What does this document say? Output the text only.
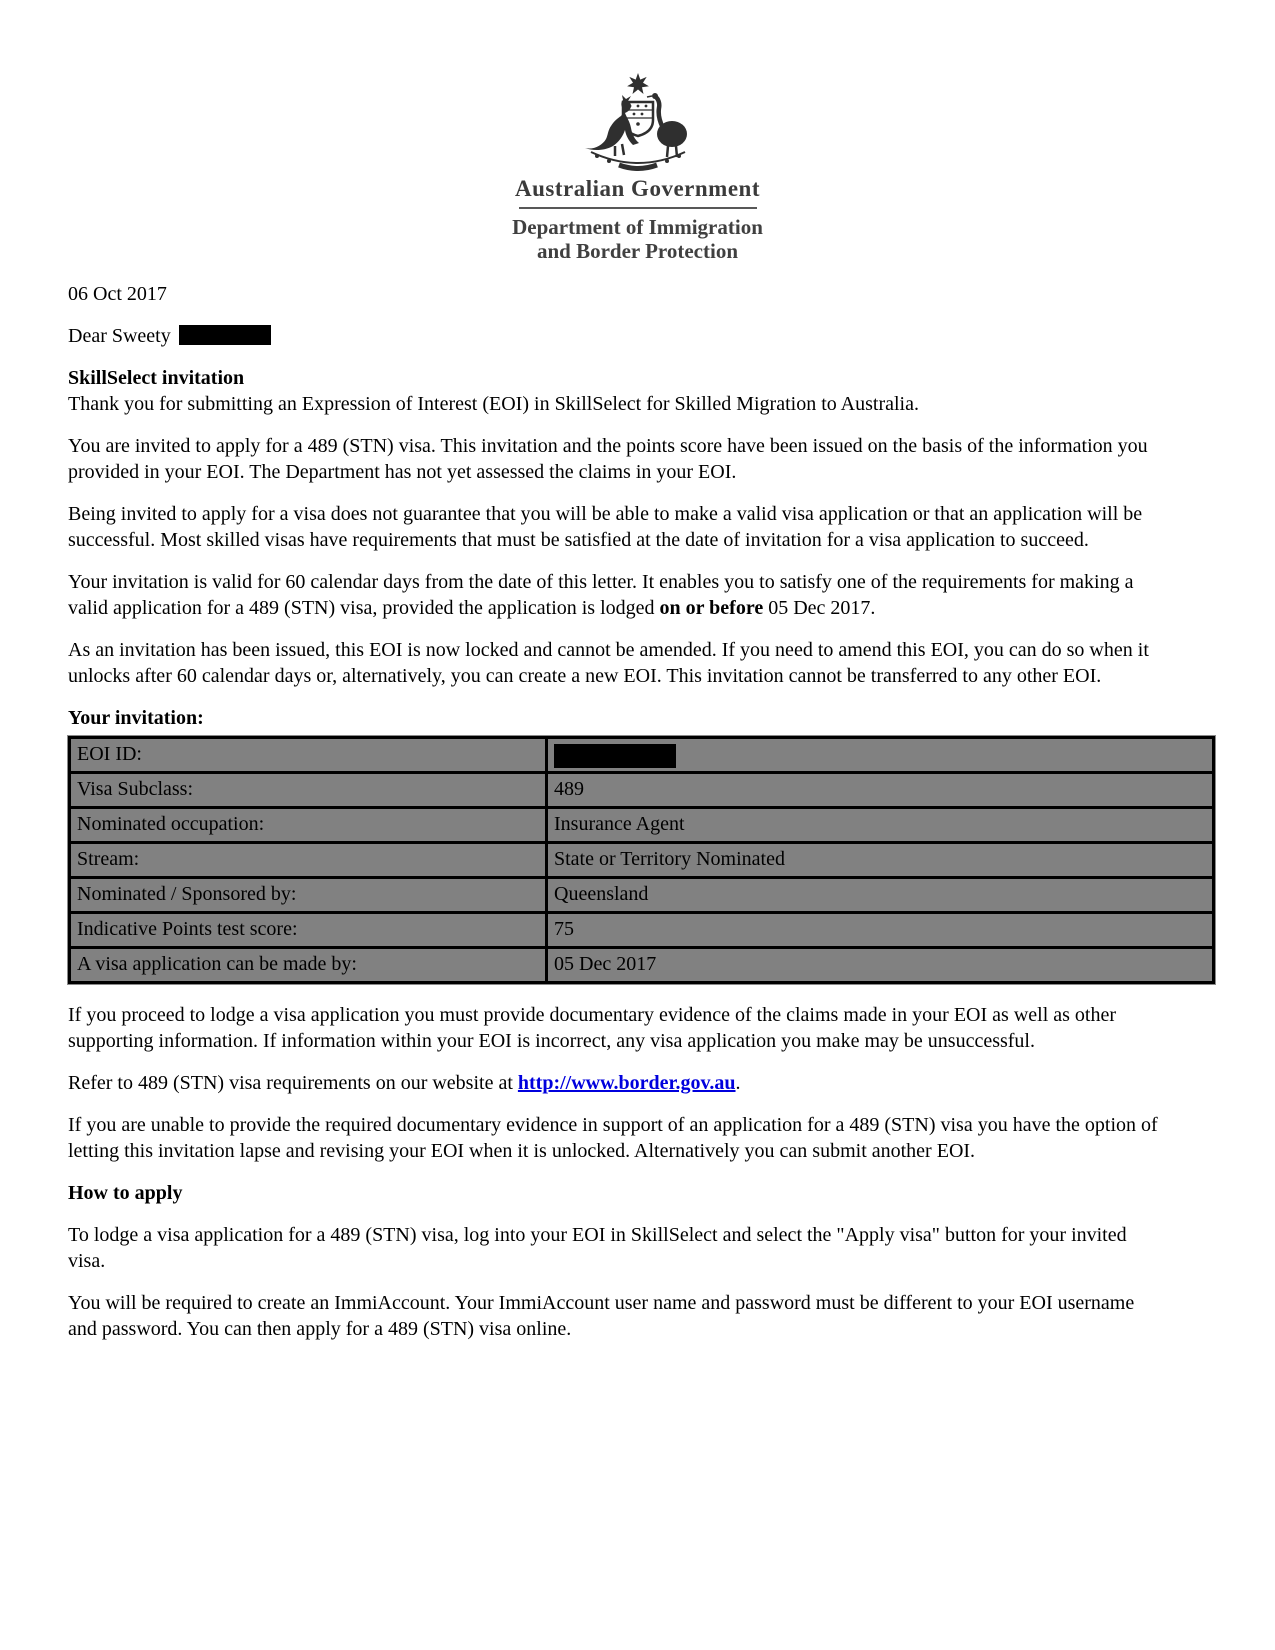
Australian Government
Department of Immigration
and Border Protection

06 Oct 2017

Dear Sweety

SkillSelect invitation

Thank you for submitting an Expression of Interest (EOI) in SkillSelect for Skilled Migration to Australia.

You are invited to apply for a 489 (STN) visa. This invitation and the points score have been issued on the basis of the information you provided in your EOI. The Department has not yet assessed the claims in your EOI.

Being invited to apply for a visa does not guarantee that you will be able to make a valid visa application or that an application will be successful. Most skilled visas have requirements that must be satisfied at the date of invitation for a visa application to succeed.

Your invitation is valid for 60 calendar days from the date of this letter. It enables you to satisfy one of the requirements for making a valid application for a 489 (STN) visa, provided the application is lodged on or before 05 Dec 2017.

As an invitation has been issued, this EOI is now locked and cannot be amended. If you need to amend this EOI, you can do so when it unlocks after 60 calendar days or, alternatively, you can create a new EOI. This invitation cannot be transferred to any other EOI.

Your invitation:
EOI ID:	
Visa Subclass:	489
Nominated occupation:	Insurance Agent
Stream:	State or Territory Nominated
Nominated / Sponsored by:	Queensland
Indicative Points test score:	75
A visa application can be made by:	05 Dec 2017

If you proceed to lodge a visa application you must provide documentary evidence of the claims made in your EOI as well as other supporting information. If information within your EOI is incorrect, any visa application you make may be unsuccessful.

Refer to 489 (STN) visa requirements on our website at http://www.border.gov.au.

If you are unable to provide the required documentary evidence in support of an application for a 489 (STN) visa you have the option of letting this invitation lapse and revising your EOI when it is unlocked. Alternatively you can submit another EOI.

How to apply

To lodge a visa application for a 489 (STN) visa, log into your EOI in SkillSelect and select the "Apply visa" button for your invited visa.

You will be required to create an ImmiAccount. Your ImmiAccount user name and password must be different to your EOI username and password. You can then apply for a 489 (STN) visa online.
